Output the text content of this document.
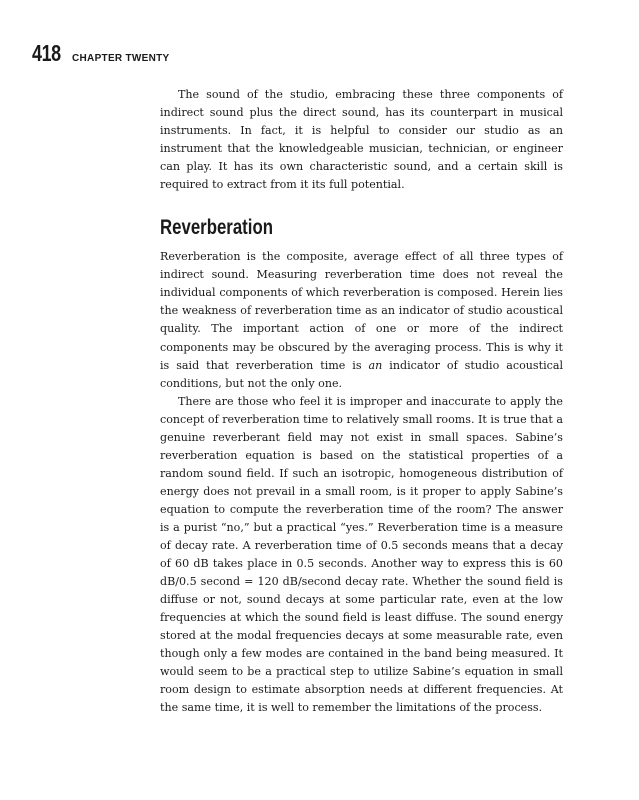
418 CHAPTER TWENTY

The sound of the studio, embracing these three components of indirect sound plus the direct sound, has its counterpart in musical instruments. In fact, it is helpful to consider our studio as an instrument that the knowledgeable musician, technician, or engineer can play. It has its own characteristic sound, and a certain skill is required to extract from it its full potential.

Reverberation

Reverberation is the composite, average effect of all three types of indirect sound. Measuring reverberation time does not reveal the individual components of which reverberation is composed. Herein lies the weakness of reverberation time as an indicator of studio acoustical quality. The important action of one or more of the indirect components may be obscured by the averaging process. This is why it is said that reverberation time is an indicator of studio acoustical conditions, but not the only one.

There are those who feel it is improper and inaccurate to apply the concept of reverberation time to relatively small rooms. It is true that a genuine reverberant field may not exist in small spaces. Sabine’s reverberation equation is based on the statistical properties of a random sound field. If such an isotropic, homogeneous distribution of energy does not prevail in a small room, is it proper to apply Sabine’s equation to compute the reverberation time of the room? The answer is a purist “no,” but a practical “yes.” Reverberation time is a measure of decay rate. A reverberation time of 0.5 seconds means that a decay of 60 dB takes place in 0.5 seconds. Another way to express this is 60 dB/0.5 second = 120 dB/second decay rate. Whether the sound field is diffuse or not, sound decays at some particular rate, even at the low frequencies at which the sound field is least diffuse. The sound energy stored at the modal frequencies decays at some measurable rate, even though only a few modes are contained in the band being measured. It would seem to be a practical step to utilize Sabine’s equation in small room design to estimate absorption needs at different frequencies. At the same time, it is well to remember the limitations of the process.
